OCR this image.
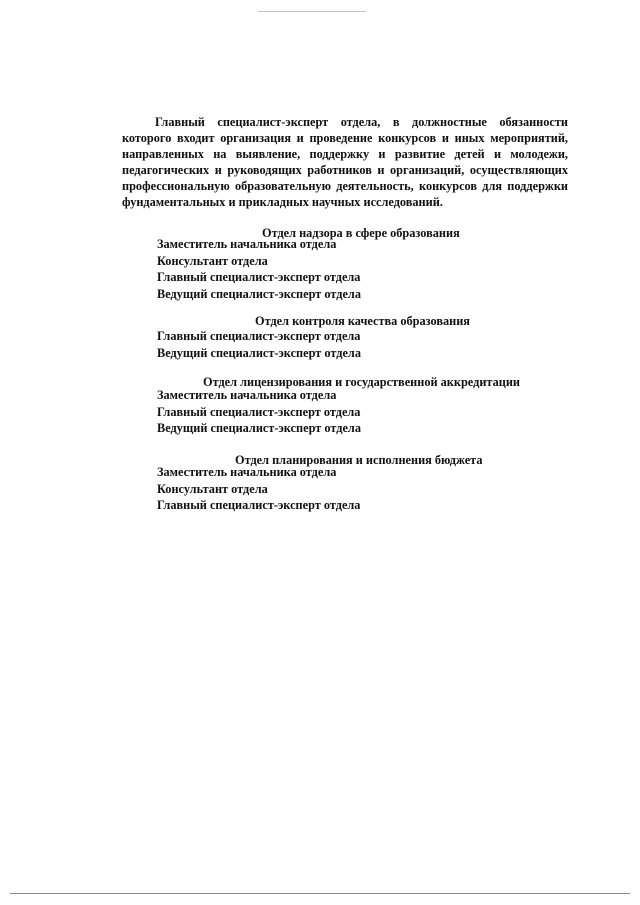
Главный специалист-эксперт отдела, в должностные обязанности которого входит организация и проведение конкурсов и иных мероприятий, направленных на выявление, поддержку и развитие детей и молодежи, педагогических и руководящих работников и организаций, осуществляющих профессиональную образовательную деятельность, конкурсов для поддержки фундаментальных и прикладных научных исследований.

Отдел надзора в сфере образования
Заместитель начальника отдела
Консультант отдела
Главный специалист-эксперт отдела
Ведущий специалист-эксперт отдела
Отдел контроля качества образования
Главный специалист-эксперт отдела
Ведущий специалист-эксперт отдела
Отдел лицензирования и государственной аккредитации
Заместитель начальника отдела
Главный специалист-эксперт отдела
Ведущий специалист-эксперт отдела
Отдел планирования и исполнения бюджета
Заместитель начальника отдела
Консультант отдела
Главный специалист-эксперт отдела
